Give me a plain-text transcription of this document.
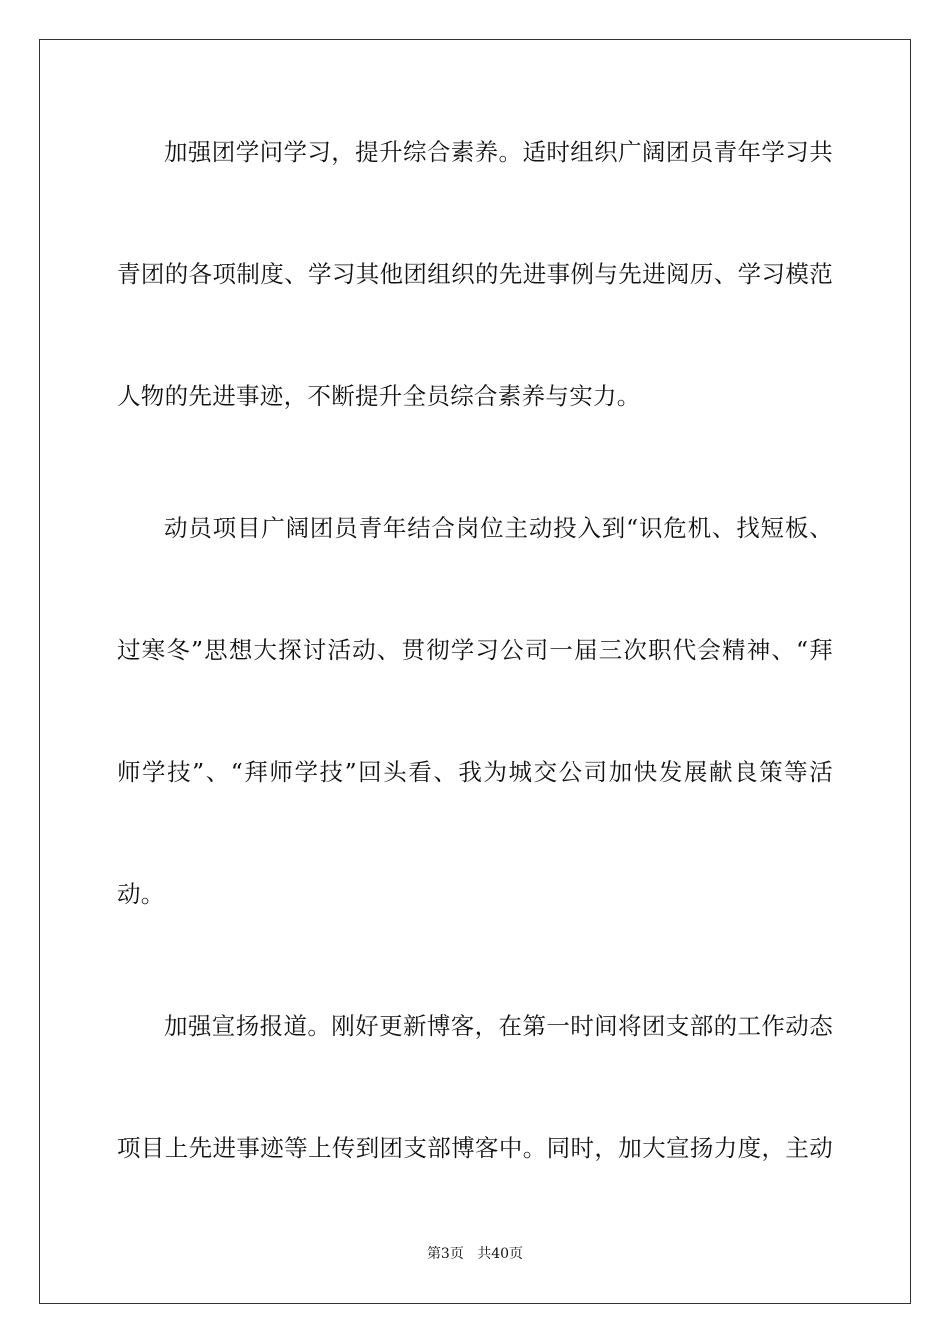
加强团学问学习，提升综合素养。适时组织广阔团员青年学习共
青团的各项制度、学习其他团组织的先进事例与先进阅历、学习模范
人物的先进事迹，不断提升全员综合素养与实力。
动员项目广阔团员青年结合岗位主动投入到“识危机、找短板、
过寒冬”思想大探讨活动、贯彻学习公司一届三次职代会精神、“拜
师学技”、“拜师学技”回头看、我为城交公司加快发展献良策等活
动。
加强宣扬报道。刚好更新博客，在第一时间将团支部的工作动态
项目上先进事迹等上传到团支部博客中。同时，加大宣扬力度，主动
第3页 共40页
